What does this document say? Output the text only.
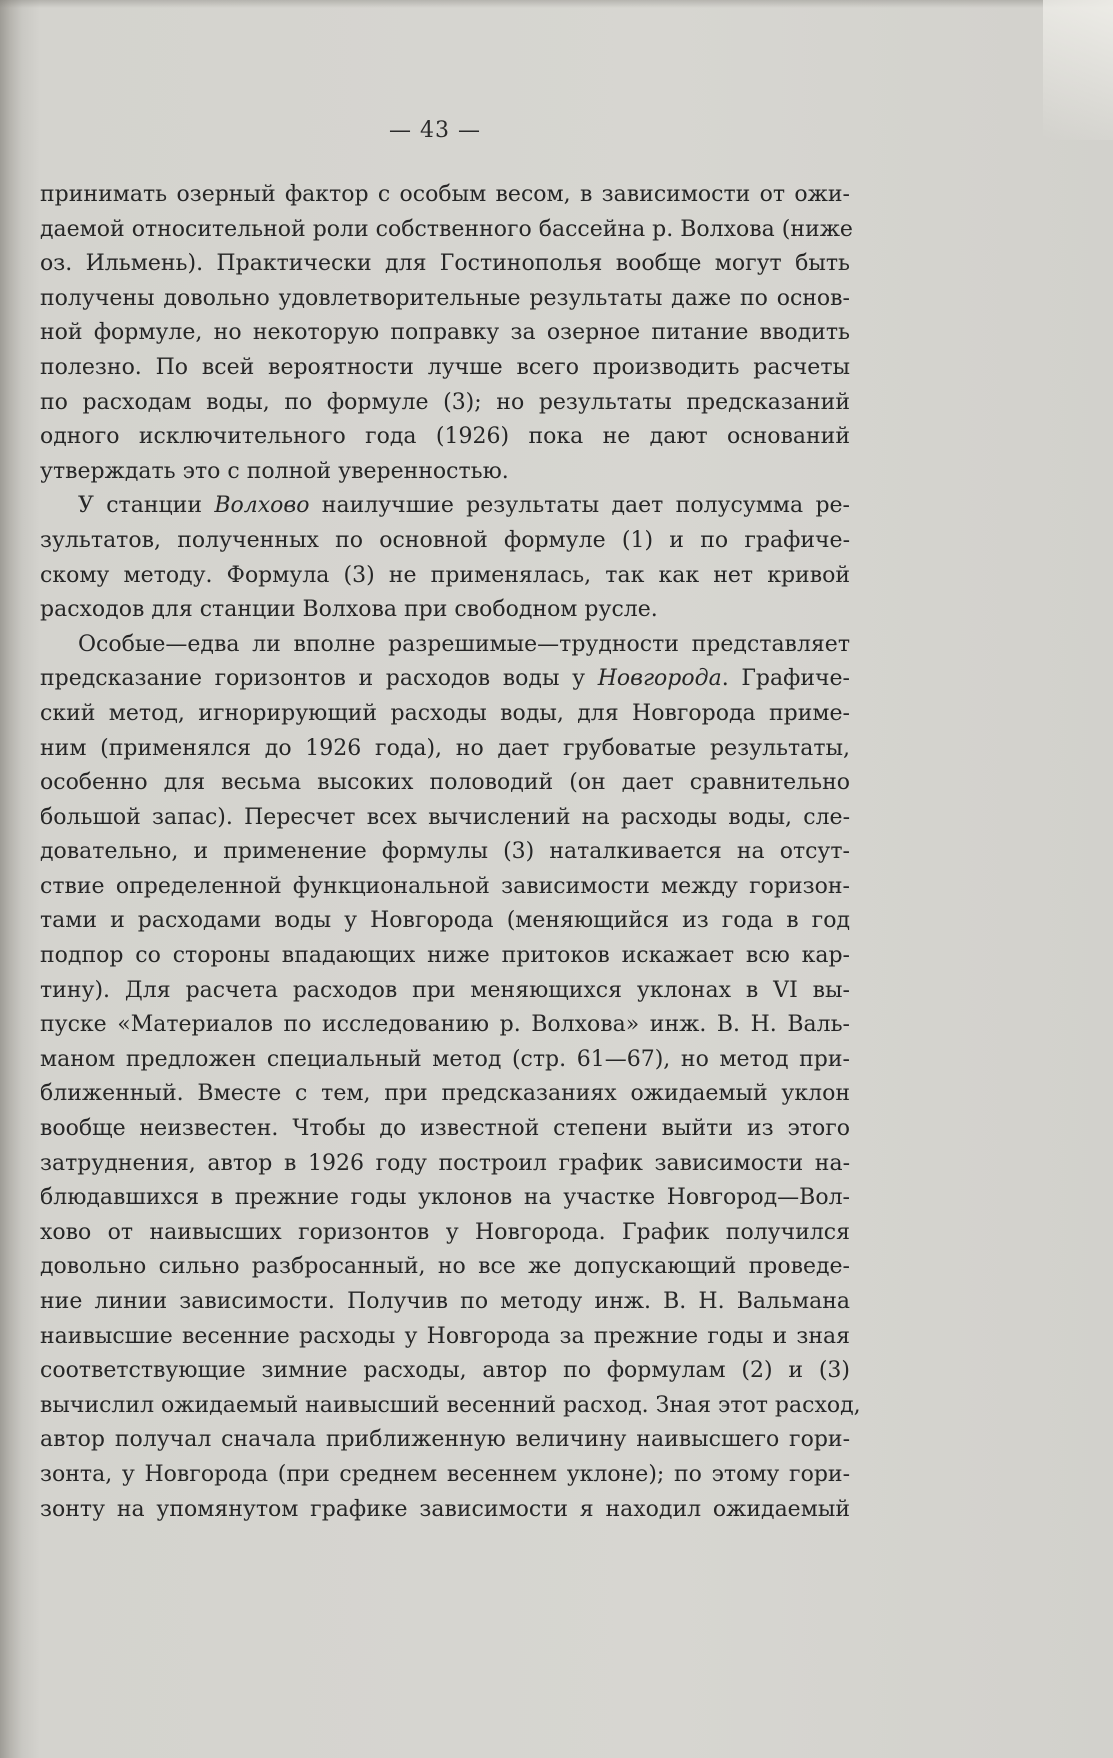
— 43 —

принимать озерный фактор с особым весом, в зависимости от ожи-
даемой относительной роли собственного бассейна р. Волхова (ниже
оз. Ильмень). Практически для Гостинополья вообще могут быть
получены довольно удовлетворительные результаты даже по основ-
ной формуле, но некоторую поправку за озерное питание вводить
полезно. По всей вероятности лучше всего производить расчеты
по расходам воды, по формуле (3); но результаты предсказаний
одного исключительного года (1926) пока не дают оснований
утверждать это с полной уверенностью.

У станции Волхово наилучшие результаты дает полусумма ре-
зультатов, полученных по основной формуле (1) и по графиче-
скому методу. Формула (3) не применялась, так как нет кривой
расходов для станции Волхова при свободном русле.

Особые—едва ли вполне разрешимые—трудности представляет
предсказание горизонтов и расходов воды у Новгорода. Графиче-
ский метод, игнорирующий расходы воды, для Новгорода приме-
ним (применялся до 1926 года), но дает грубоватые результаты,
особенно для весьма высоких половодий (он дает сравнительно
большой запас). Пересчет всех вычислений на расходы воды, сле-
довательно, и применение формулы (3) наталкивается на отсут-
ствие определенной функциональной зависимости между горизон-
тами и расходами воды у Новгорода (меняющийся из года в год
подпор со стороны впадающих ниже притоков искажает всю кар-
тину). Для расчета расходов при меняющихся уклонах в VI вы-
пуске «Материалов по исследованию р. Волхова» инж. В. Н. Валь-
маном предложен специальный метод (стр. 61—67), но метод при-
ближенный. Вместе с тем, при предсказаниях ожидаемый уклон
вообще неизвестен. Чтобы до известной степени выйти из этого
затруднения, автор в 1926 году построил график зависимости на-
блюдавшихся в прежние годы уклонов на участке Новгород—Вол-
хово от наивысших горизонтов у Новгорода. График получился
довольно сильно разбросанный, но все же допускающий проведе-
ние линии зависимости. Получив по методу инж. В. Н. Вальмана
наивысшие весенние расходы у Новгорода за прежние годы и зная
соответствующие зимние расходы, автор по формулам (2) и (3)
вычислил ожидаемый наивысший весенний расход. Зная этот расход,
автор получал сначала приближенную величину наивысшего гори-
зонта, у Новгорода (при среднем весеннем уклоне); по этому гори-
зонту на упомянутом графике зависимости я находил ожидаемый
